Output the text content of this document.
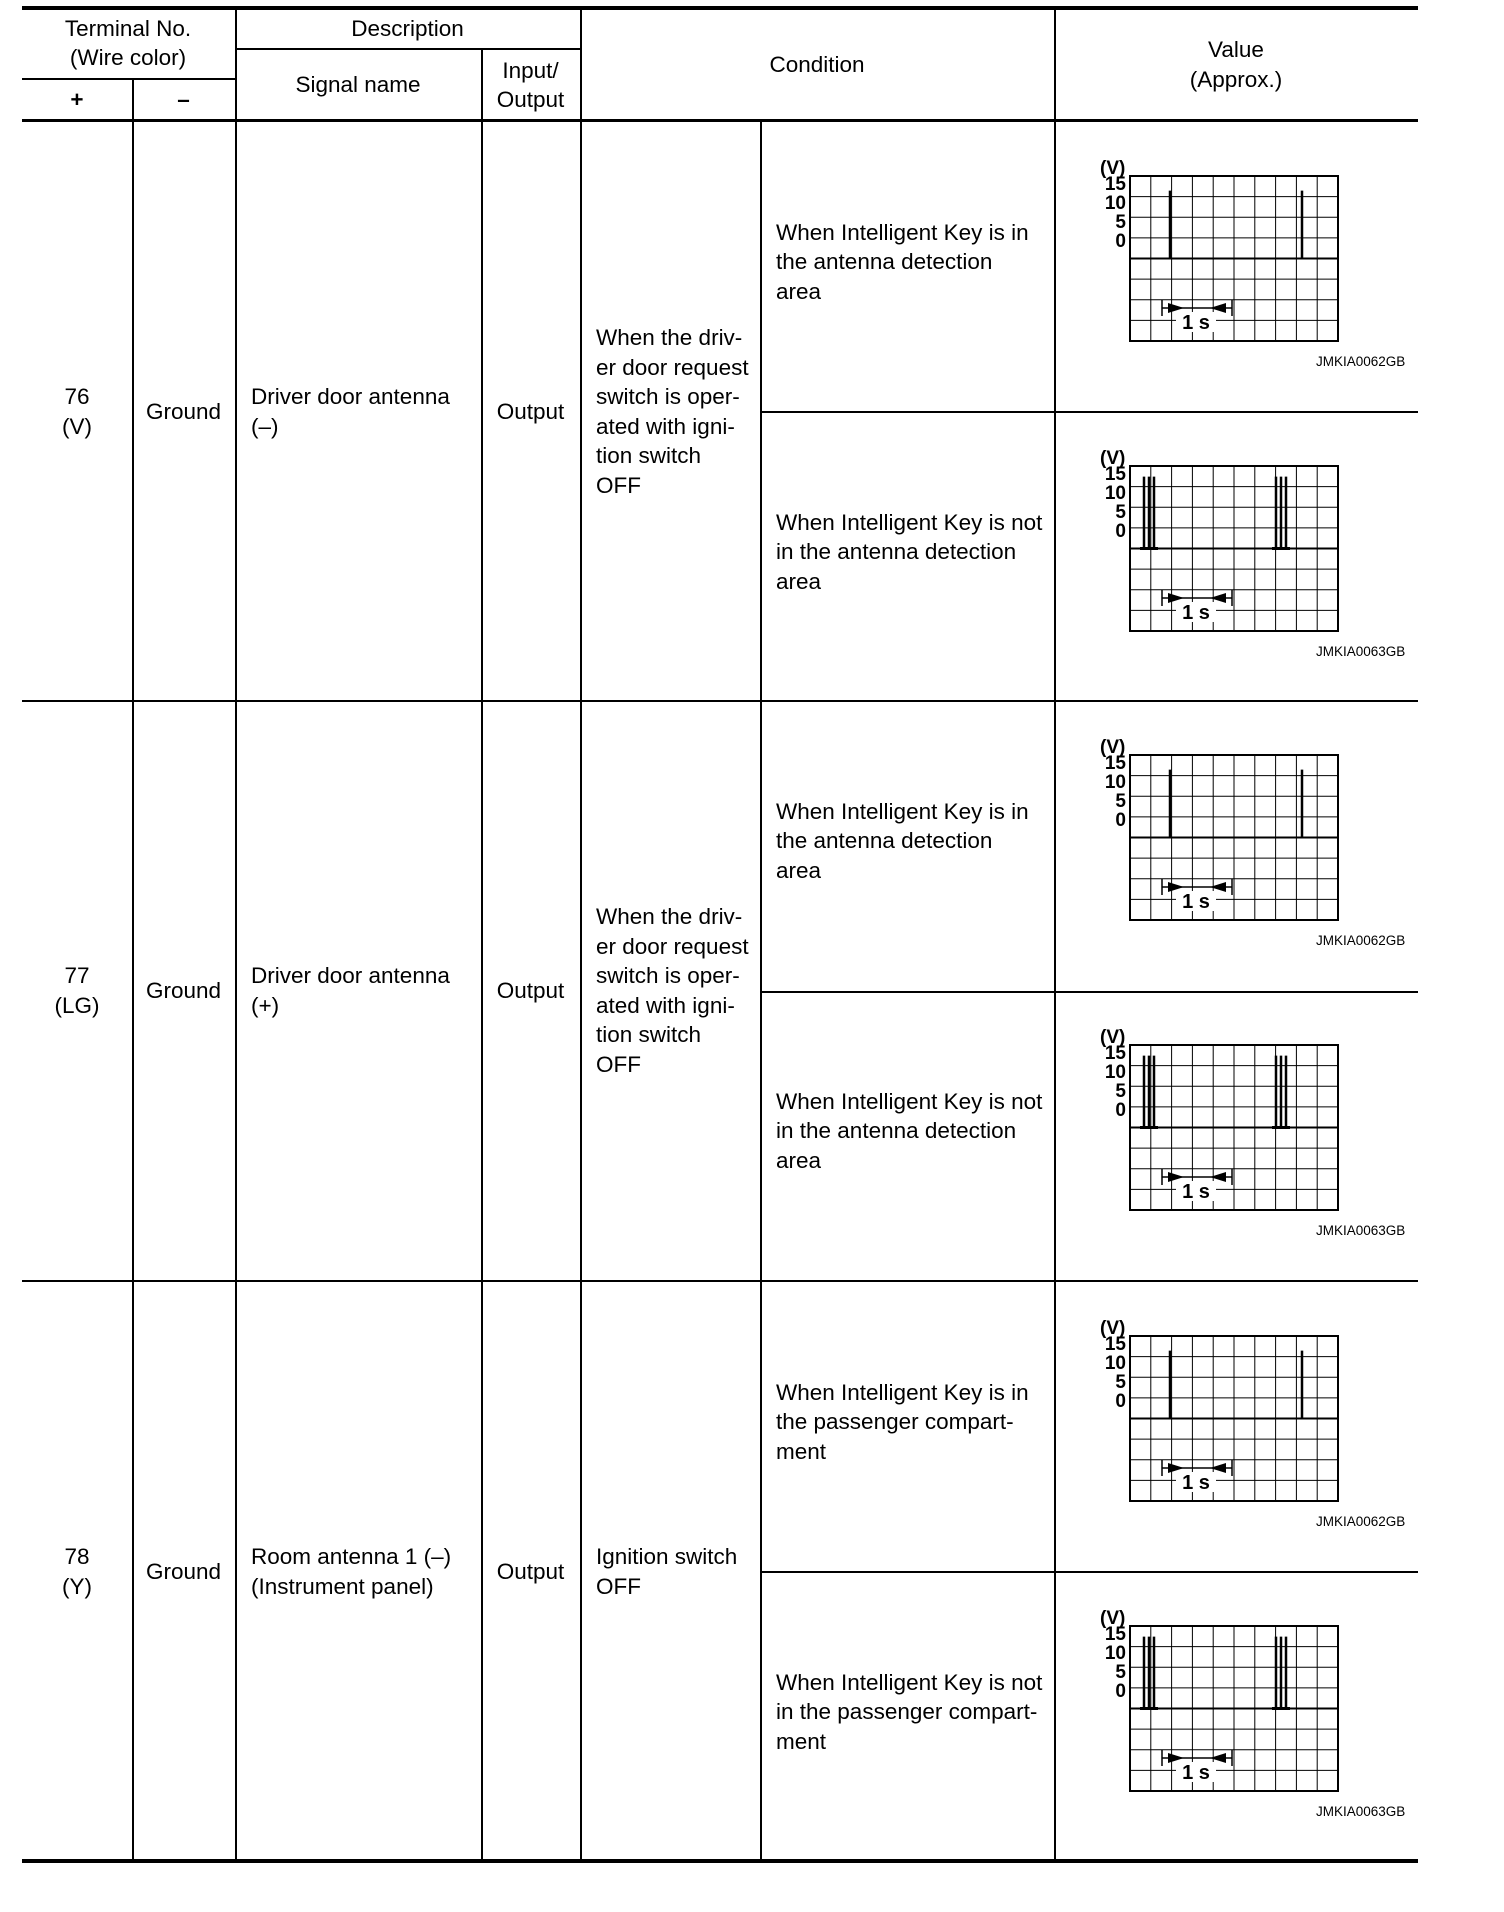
Terminal No.
(Wire color)
+	–
Description
Signal name
Input/
Output
Condition
Value
(Approx.)
76
(V)
Ground
Driver door antenna
(–)
Output
When the driv-
er door request
switch is oper-
ated with igni-
tion switch
OFF
When Intelligent Key is in
the antenna detection
area
(V)
15
10
5
0
1 s
JMKIA0062GB
When Intelligent Key is not
in the antenna detection
area
(V)
15
10
5
0
1 s
JMKIA0063GB
77
(LG)
Ground
Driver door antenna
(+)
Output
When the driv-
er door request
switch is oper-
ated with igni-
tion switch
OFF
When Intelligent Key is in
the antenna detection
area
(V)
15
10
5
0
1 s
JMKIA0062GB
When Intelligent Key is not
in the antenna detection
area
(V)
15
10
5
0
1 s
JMKIA0063GB
78
(Y)
Ground
Room antenna 1 (–)
(Instrument panel)
Output
Ignition switch
OFF
When Intelligent Key is in
the passenger compart-
ment
(V)
15
10
5
0
1 s
JMKIA0062GB
When Intelligent Key is not
in the passenger compart-
ment
(V)
15
10
5
0
1 s
JMKIA0063GB
